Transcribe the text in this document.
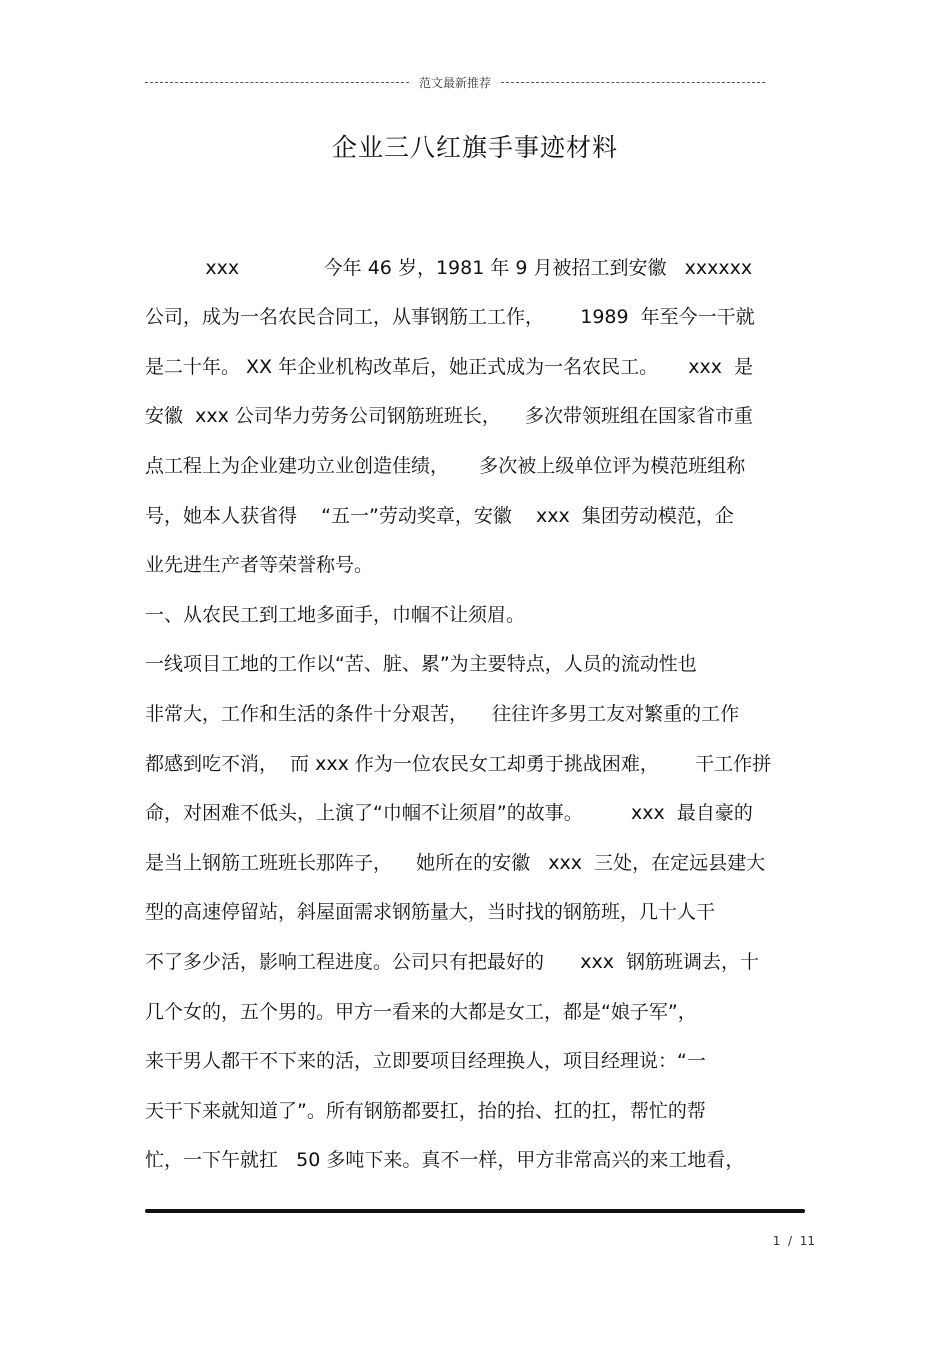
范文最新推荐
企业三八红旗手事迹材料
xxx              今年 46 岁，1981 年 9 月被招工到安徽   xxxxxx
公司，成为一名农民合同工，从事钢筋工工作，      1989  年至今一干就
是二十年。 XX 年企业机构改革后，她正式成为一名农民工。     xxx  是
安徽  xxx 公司华力劳务公司钢筋班班长，    多次带领班组在国家省市重
点工程上为企业建功立业创造佳绩，     多次被上级单位评为模范班组称
号，她本人获省得    “五一”劳动奖章，安徽    xxx  集团劳动模范，企
业先进生产者等荣誉称号。
一、从农民工到工地多面手，巾帼不让须眉。
一线项目工地的工作以“苦、脏、累”为主要特点，人员的流动性也
非常大，工作和生活的条件十分艰苦，    往往许多男工友对繁重的工作
都感到吃不消，  而 xxx 作为一位农民女工却勇于挑战困难，      干工作拼
命，对困难不低头，上演了“巾帼不让须眉”的故事。        xxx  最自豪的
是当上钢筋工班班长那阵子，    她所在的安徽   xxx  三处，在定远县建大
型的高速停留站，斜屋面需求钢筋量大，当时找的钢筋班，几十人干
不了多少活，影响工程进度。公司只有把最好的      xxx  钢筋班调去，十
几个女的，五个男的。甲方一看来的大都是女工，都是“娘子军”，
来干男人都干不下来的活，立即要项目经理换人，项目经理说：“一
天干下来就知道了”。所有钢筋都要扛，抬的抬、扛的扛，帮忙的帮
忙，一下午就扛   50 多吨下来。真不一样，甲方非常高兴的来工地看，
1  /  11
